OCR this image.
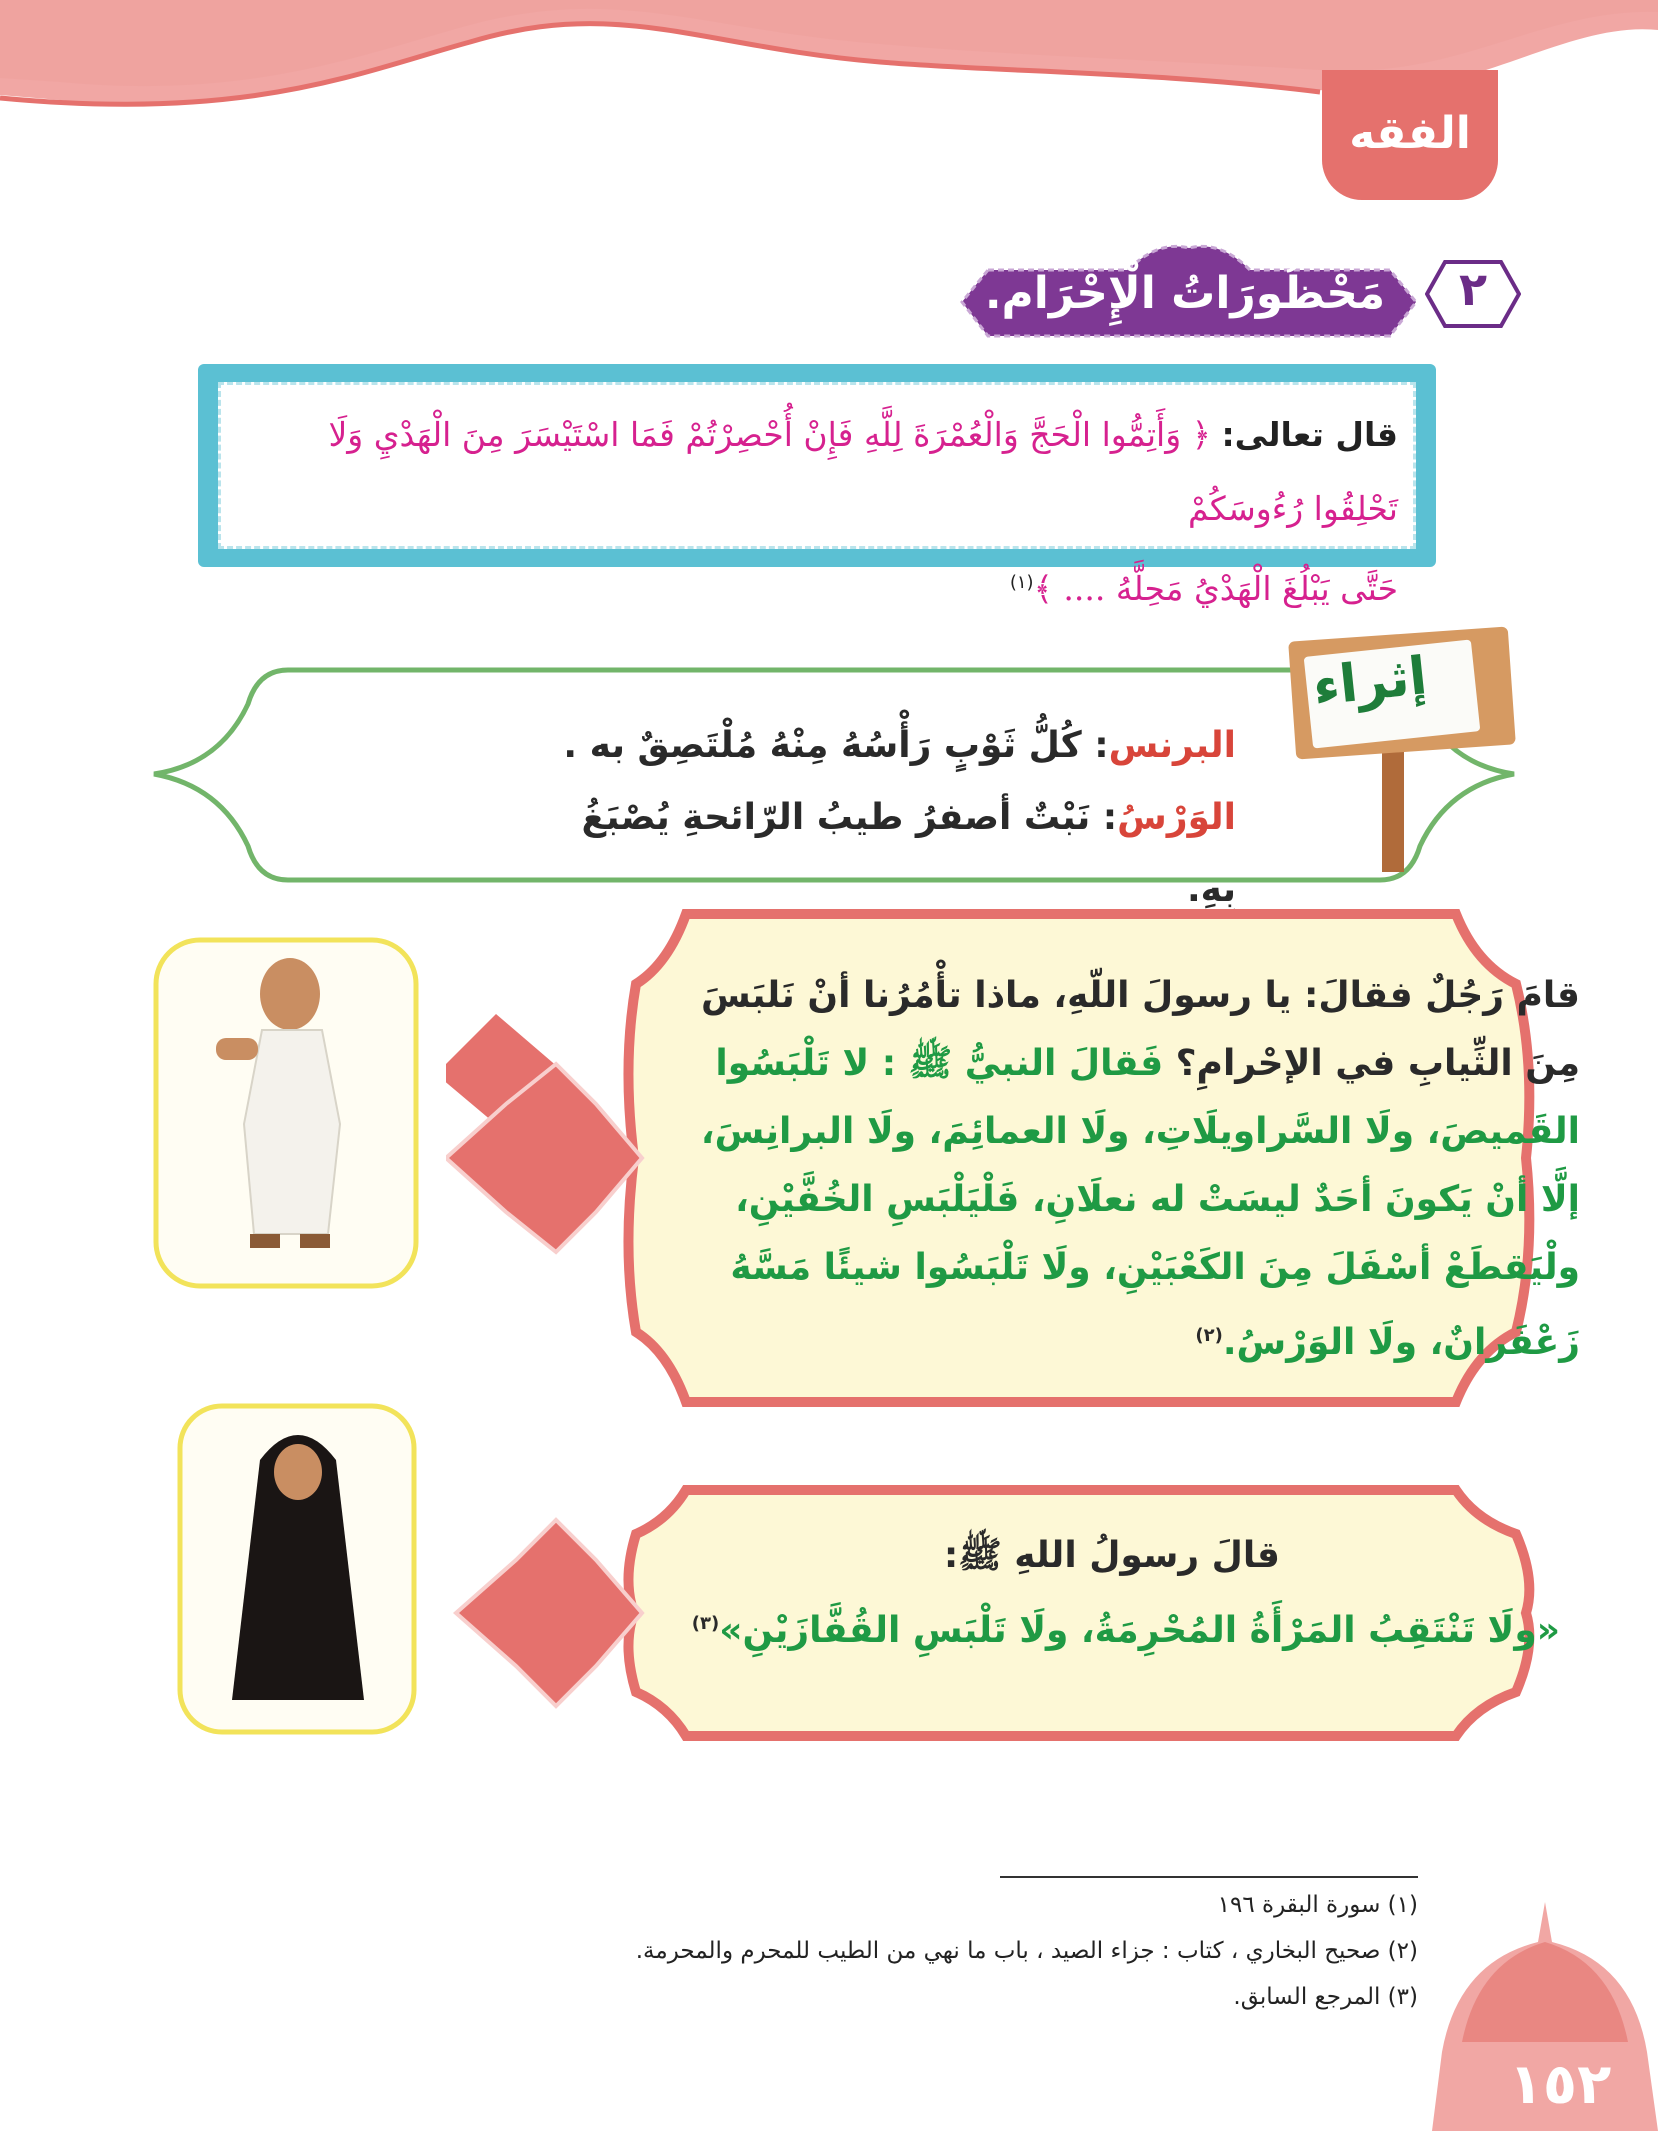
الفقه
٢
مَحْظُورَاتُ الْإِحْرَام.
قال تعالى: ﴿ وَأَتِمُّوا الْحَجَّ وَالْعُمْرَةَ لِلَّهِ فَإِنْ أُحْصِرْتُمْ فَمَا اسْتَيْسَرَ مِنَ الْهَدْيِ وَلَا تَحْلِقُوا رُءُوسَكُمْ
حَتَّى يَبْلُغَ الْهَدْيُ مَحِلَّهُ .... ﴾$^{(١)}$
إثراء
البرنس: كُلُّ ثَوْبٍ رَأْسُهُ مِنْهُ مُلْتَصِقٌ به .
الوَرْسُ: نَبْتٌ أصفرُ طيبُ الرّائحةِ يُصْبَغُ بِهِ.
قامَ رَجُلٌ فقالَ: يا رسولَ اللّهِ، ماذا تأْمُرُنا أنْ نَلبَسَ مِنَ الثِّيابِ في الإحْرامِ؟ فَقالَ النبيُّ ﷺ : لا تَلْبَسُوا القَميصَ، ولَا السَّراويلَاتِ، ولَا العمائِمَ، ولَا البرانِسَ، إلَّا أنْ يَكونَ أحَدٌ ليسَتْ له نعلَانِ، فَلْيَلْبَسِ الخُفَّيْنِ، ولْيَقطَعْ أسْفَلَ مِنَ الكَعْبَيْنِ، ولَا تَلْبَسُوا شيئًا مَسَّهُ زَعْفَرانٌ، ولَا الوَرْسُ.$^{(٢)}$
قالَ رسولُ اللهِ ﷺ:
«ولَا تَنْتَقِبُ المَرْأَةُ المُحْرِمَةُ، ولَا تَلْبَسِ القُفَّازَيْنِ»$^{(٣)}$
(١) سورة البقرة ١٩٦
(٢) صحيح البخاري ، كتاب : جزاء الصيد ، باب ما نهي من الطيب للمحرم والمحرمة.
(٣) المرجع السابق.
١٥٢
